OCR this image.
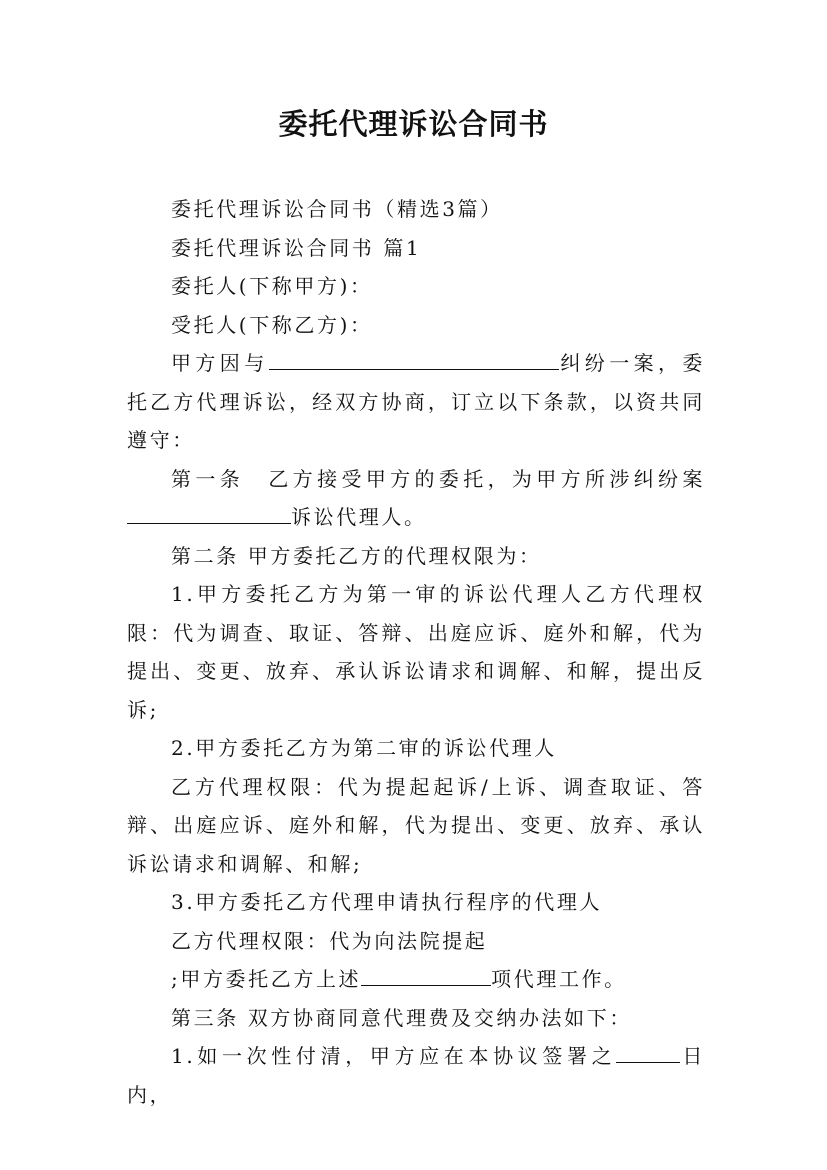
委托代理诉讼合同书

委托代理诉讼合同书（精选3篇）

委托代理诉讼合同书 篇1

委托人(下称甲方)：

受托人(下称乙方)：

甲方因与	纠纷一案，委托乙方代理诉讼，经双方协商，订立以下条款，以资共同遵守：

第一条　乙方接受甲方的委托，为甲方所涉纠纷案诉讼代理人。

第二条 甲方委托乙方的代理权限为：

1.甲方委托乙方为第一审的诉讼代理人乙方代理权限：代为调查、取证、答辩、出庭应诉、庭外和解，代为提出、变更、放弃、承认诉讼请求和调解、和解，提出反诉;

2.甲方委托乙方为第二审的诉讼代理人

乙方代理权限：代为提起起诉/上诉、调查取证、答辩、出庭应诉、庭外和解，代为提出、变更、放弃、承认诉讼请求和调解、和解;

3.甲方委托乙方代理申请执行程序的代理人

乙方代理权限：代为向法院提起

;甲方委托乙方上述	项代理工作。

第三条 双方协商同意代理费及交纳办法如下：

1.如一次性付清，甲方应在本协议签署之	日内，
